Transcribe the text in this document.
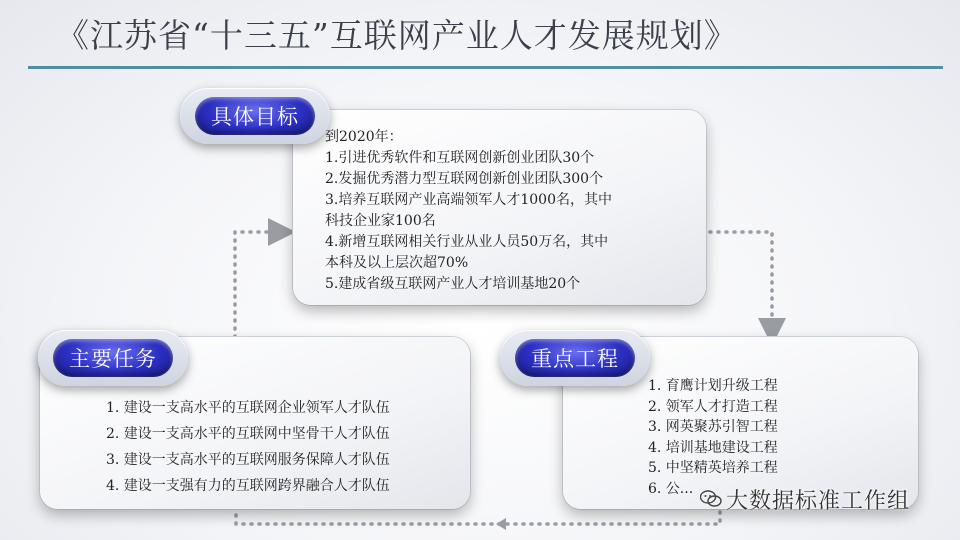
《江苏省“十三五”互联网产业人才发展规划》
具体目标
主要任务	重点工程
到2020年：
1.引进优秀软件和互联网创新创业团队30个
2.发掘优秀潜力型互联网创新创业团队300个
3.培养互联网产业高端领军人才1000名，其中
科技企业家100名
4.新增互联网相关行业从业人员50万名，其中
本科及以上层次超70%
5.建成省级互联网产业人才培训基地20个
1. 建设一支高水平的互联网企业领军人才队伍
2. 建设一支高水平的互联网中坚骨干人才队伍
3. 建设一支高水平的互联网服务保障人才队伍
4. 建设一支强有力的互联网跨界融合人才队伍
1. 育鹰计划升级工程
2. 领军人才打造工程
3. 网英聚苏引智工程
4. 培训基地建设工程
5. 中坚精英培养工程
6. 公...
大数据标准工作组
